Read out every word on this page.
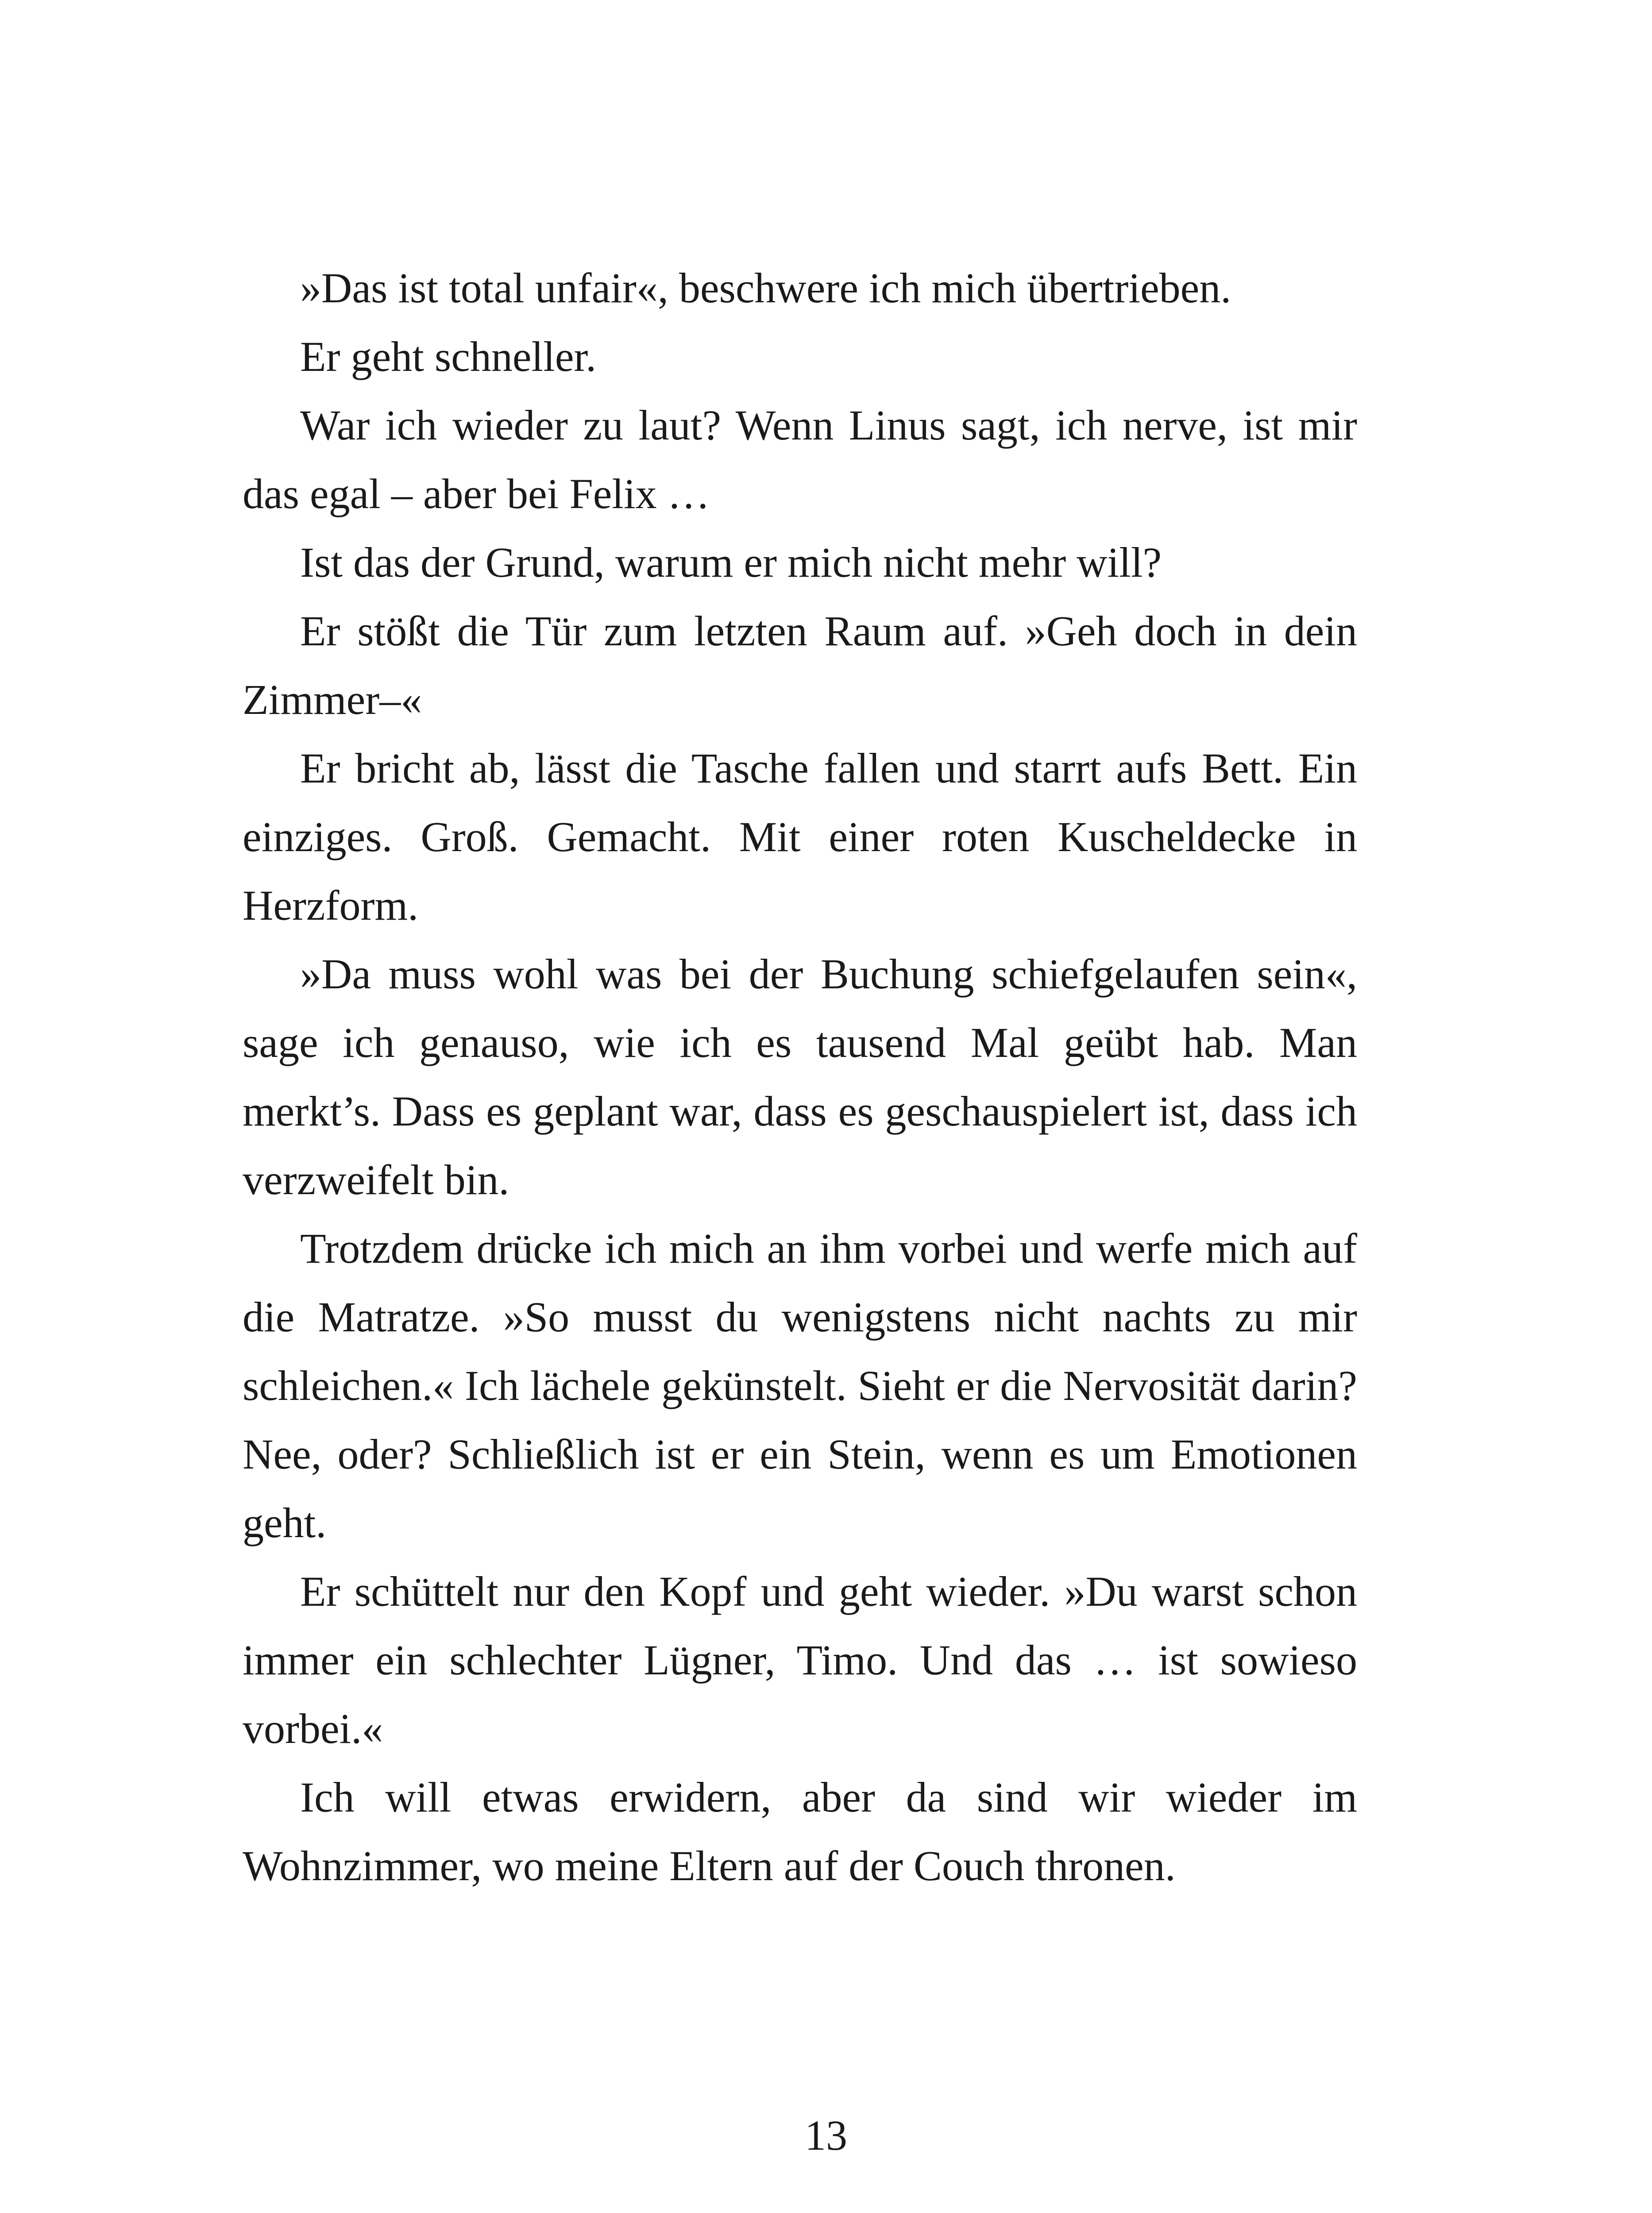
»Das ist total unfair«, beschwere ich mich übertrieben.

Er geht schneller.

War ich wieder zu laut? Wenn Linus sagt, ich nerve, ist mir das egal – aber bei Felix …

Ist das der Grund, warum er mich nicht mehr will?

Er stößt die Tür zum letzten Raum auf. »Geh doch in dein Zimmer–«

Er bricht ab, lässt die Tasche fallen und starrt aufs Bett. Ein einziges. Groß. Gemacht. Mit einer roten Kuscheldecke in Herzform.

»Da muss wohl was bei der Buchung schiefgelaufen sein«, sage ich genauso, wie ich es tausend Mal geübt hab. Man merkt’s. Dass es geplant war, dass es geschauspielert ist, dass ich verzweifelt bin.

Trotzdem drücke ich mich an ihm vorbei und werfe mich auf die Matratze. »So musst du wenigstens nicht nachts zu mir schleichen.« Ich lächele gekünstelt. Sieht er die Nervosität darin? Nee, oder? Schließlich ist er ein Stein, wenn es um Emotionen geht.

Er schüttelt nur den Kopf und geht wieder. »Du warst schon immer ein schlechter Lügner, Timo. Und das … ist sowieso vorbei.«

Ich will etwas erwidern, aber da sind wir wieder im Wohnzimmer, wo meine Eltern auf der Couch thronen.

13
